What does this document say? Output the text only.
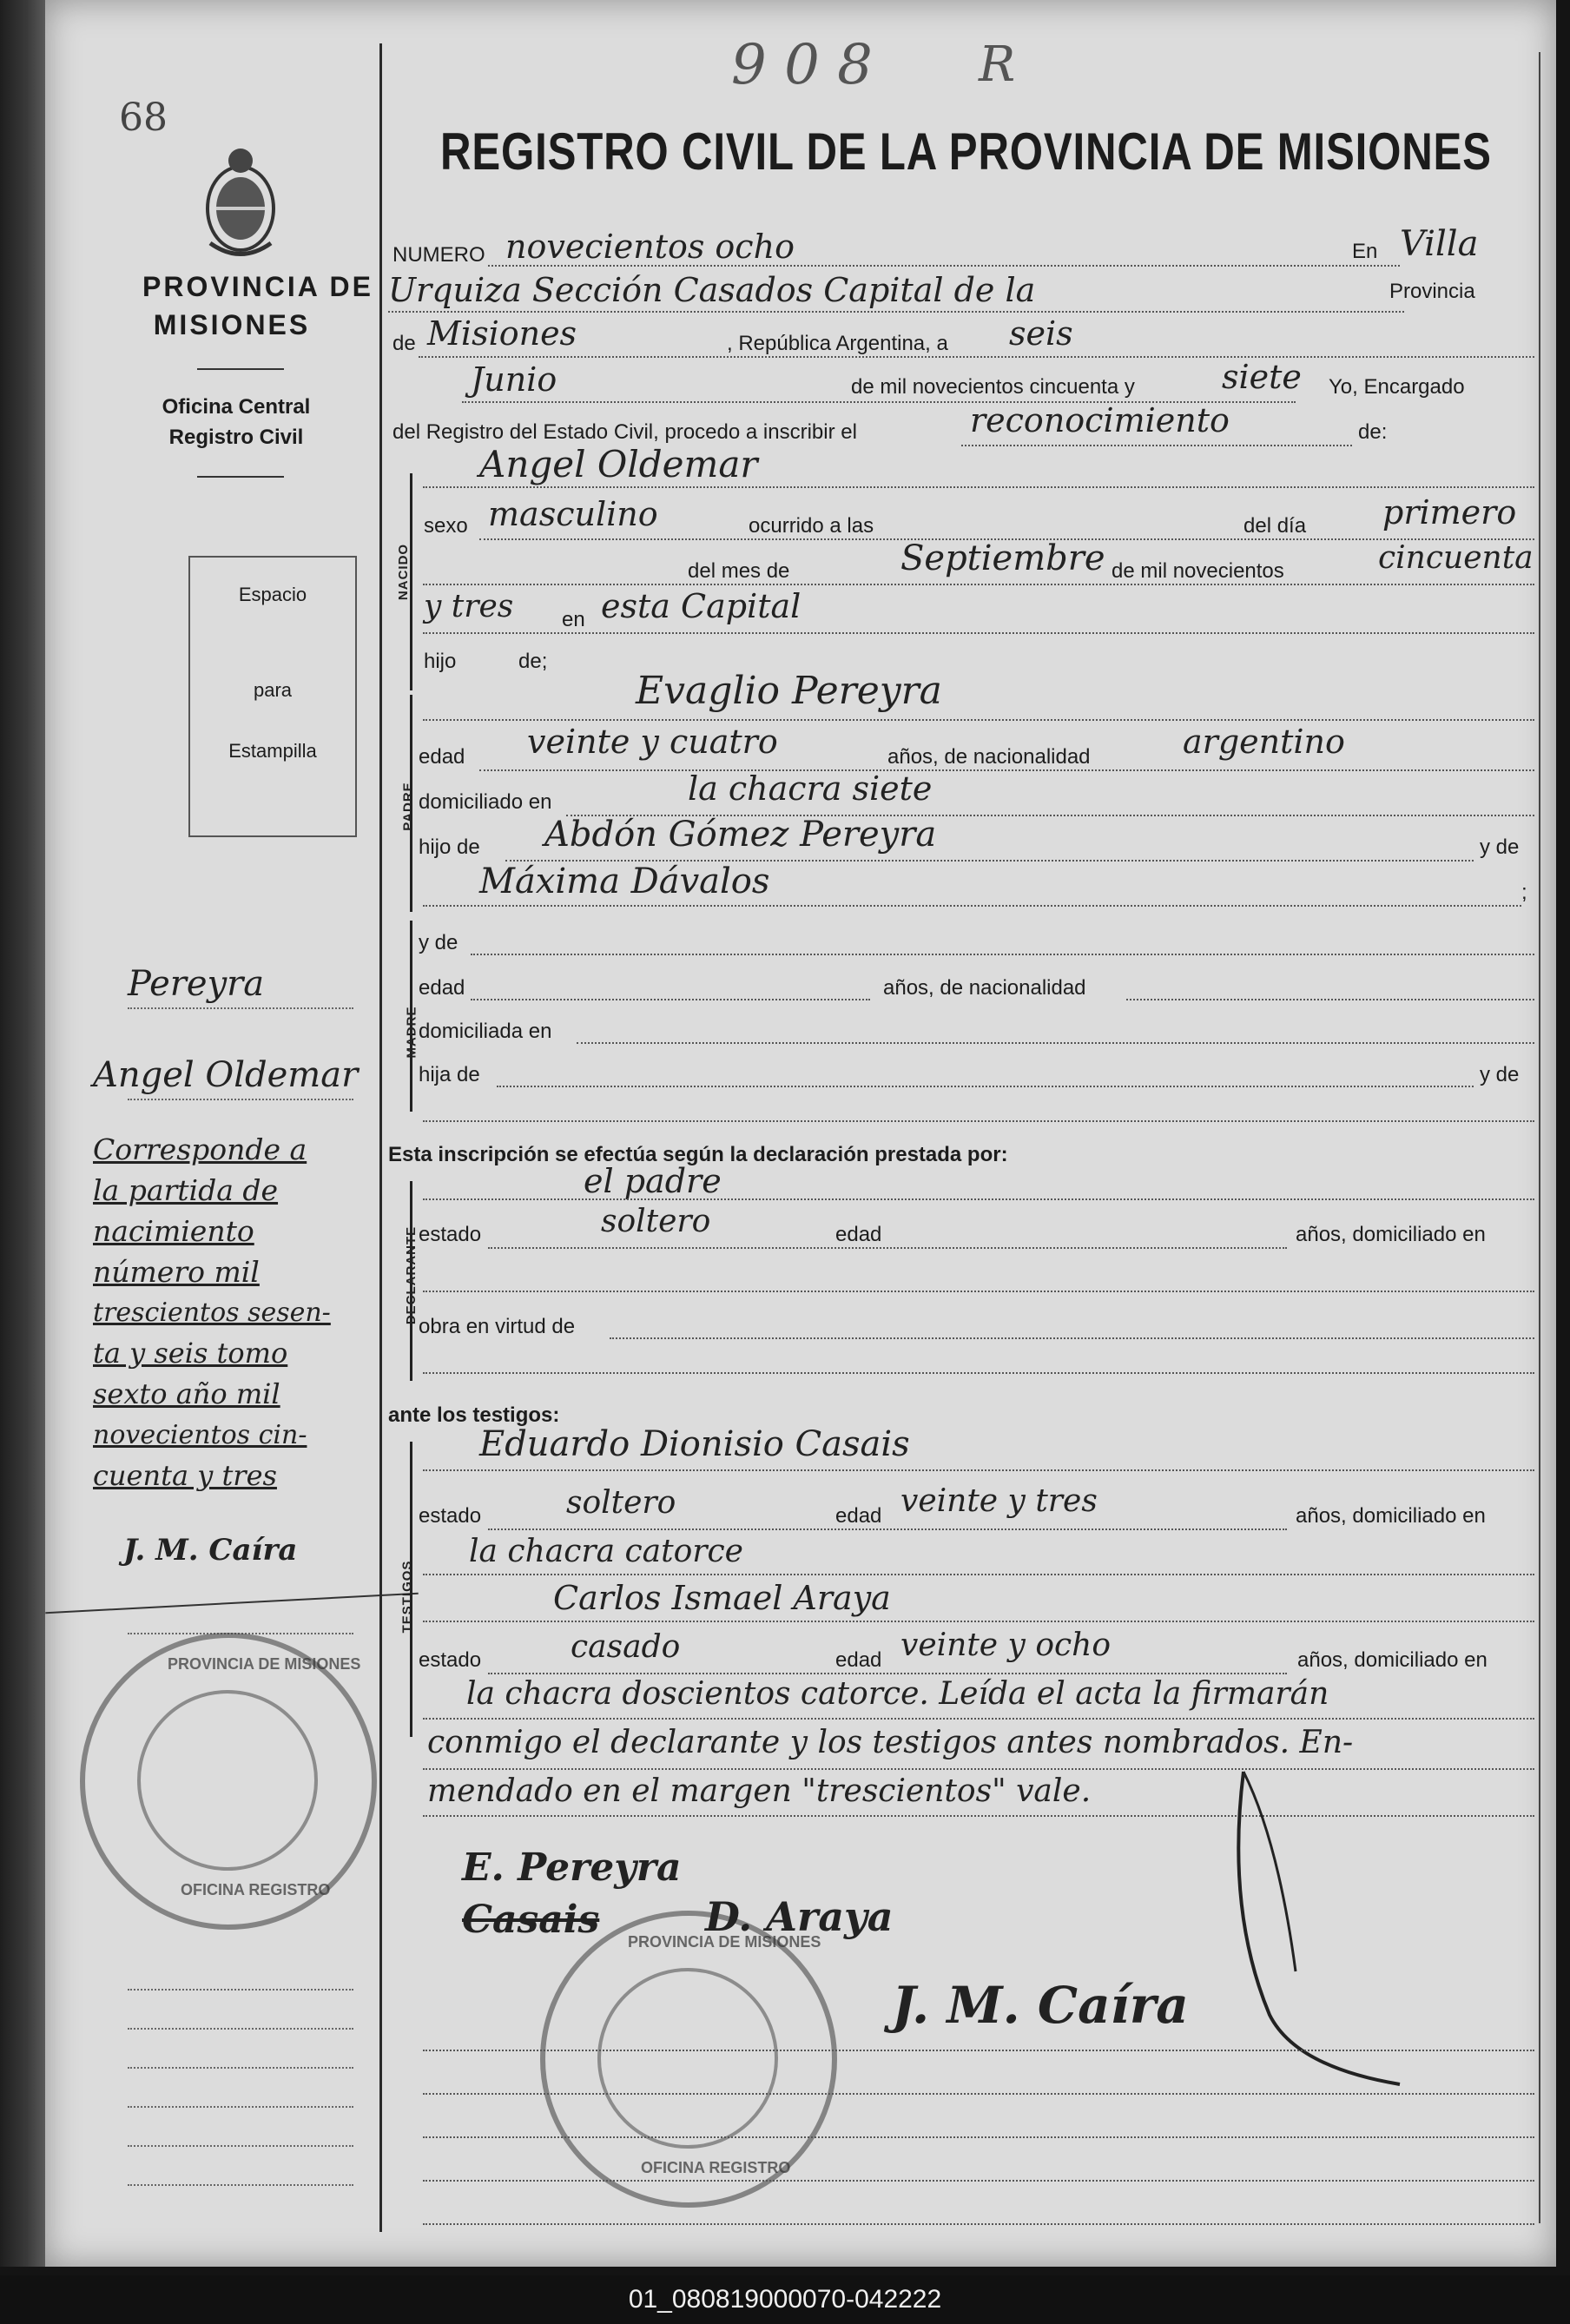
9 0 8 R
68
PROVINCIA DE
MISIONES
Oficina Central
Registro Civil
Espacio
para
Estampilla
Pereyra
Angel Oldemar
Corresponde a
la partida de
nacimiento
número mil
trescientos sesen-
ta y seis tomo
sexto año mil
novecientos cin-
cuenta y tres
J. M. Caíra
PROVINCIA DE MISIONES
OFICINA REGISTRO
PROVINCIA DE MISIONES
OFICINA REGISTRO
REGISTRO CIVIL DE LA PROVINCIA DE MISIONES
NUMERO novecientos ocho	En Villa
Urquiza Sección Casados Capital de la	Provincia
de Misiones	, República Argentina, a seis
Junio	de mil novecientos cincuenta y	siete Yo, Encargado
del Registro del Estado Civil, procedo a inscribir el	reconocimiento	de:
NACIDO
Angel Oldemar
sexo masculino	ocurrido a las	del día primero
del mes de	Septiembre de mil novecientos	cincuenta
y tres en esta Capital
hijo	de;
PADRE
Evaglio Pereyra
edad veinte y cuatro	años, de nacionalidad	argentino
domiciliado en	la chacra siete
hijo de Abdón Gómez Pereyra	y de
Máxima Dávalos	;
MADRE
y de
edad	años, de nacionalidad
domiciliada en
hija de	y de
Esta inscripción se efectúa según la declaración prestada por:
DECLARANTE
el padre
estado	soltero	edad	años, domiciliado en
obra en virtud de
ante los testigos:
TESTIGOS
Eduardo Dionisio Casais
estado	soltero	edad veinte y tres	años, domiciliado en
la chacra catorce
Carlos Ismael Araya
estado	casado	edad veinte y ocho	años, domiciliado en
la chacra doscientos catorce. Leída el acta la firmarán
conmigo el declarante y los testigos antes nombrados. En-
mendado en el margen "trescientos" vale.
E. Pereyra
Casais	D. Araya
J. M. Caíra
01_080819000070-042222
